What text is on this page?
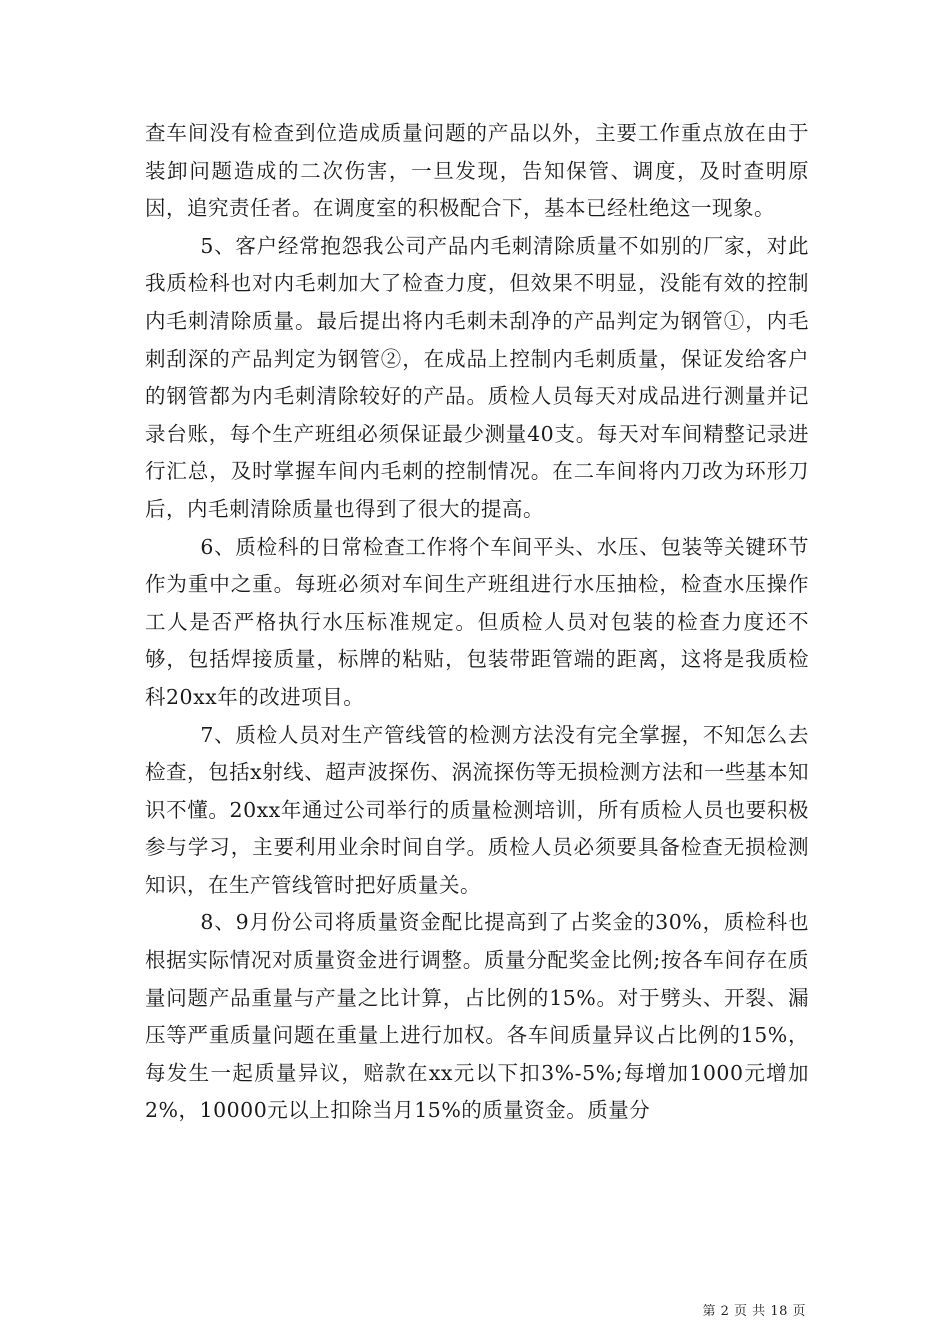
查车间没有检查到位造成质量问题的产品以外，主要工作重点放在由于装卸问题造成的二次伤害，一旦发现，告知保管、调度，及时查明原因，追究责任者。在调度室的积极配合下，基本已经杜绝这一现象。

5、客户经常抱怨我公司产品内毛刺清除质量不如别的厂家，对此我质检科也对内毛刺加大了检查力度，但效果不明显，没能有效的控制内毛刺清除质量。最后提出将内毛刺未刮净的产品判定为钢管①，内毛刺刮深的产品判定为钢管②，在成品上控制内毛刺质量，保证发给客户的钢管都为内毛刺清除较好的产品。质检人员每天对成品进行测量并记录台账，每个生产班组必须保证最少测量40支。每天对车间精整记录进行汇总，及时掌握车间内毛刺的控制情况。在二车间将内刀改为环形刀后，内毛刺清除质量也得到了很大的提高。

6、质检科的日常检查工作将个车间平头、水压、包装等关键环节作为重中之重。每班必须对车间生产班组进行水压抽检，检查水压操作工人是否严格执行水压标准规定。但质检人员对包装的检查力度还不够，包括焊接质量，标牌的粘贴，包装带距管端的距离，这将是我质检科20xx年的改进项目。

7、质检人员对生产管线管的检测方法没有完全掌握，不知怎么去检查，包括x射线、超声波探伤、涡流探伤等无损检测方法和一些基本知识不懂。20xx年通过公司举行的质量检测培训，所有质检人员也要积极参与学习，主要利用业余时间自学。质检人员必须要具备检查无损检测知识，在生产管线管时把好质量关。

8、9月份公司将质量资金配比提高到了占奖金的30%，质检科也根据实际情况对质量资金进行调整。质量分配奖金比例;按各车间存在质量问题产品重量与产量之比计算，占比例的15%。对于劈头、开裂、漏压等严重质量问题在重量上进行加权。各车间质量异议占比例的15%，每发生一起质量异议，赔款在xx元以下扣3%-5%;每增加1000元增加2%，10000元以上扣除当月15%的质量资金。质量分

第 2 页 共 18 页
